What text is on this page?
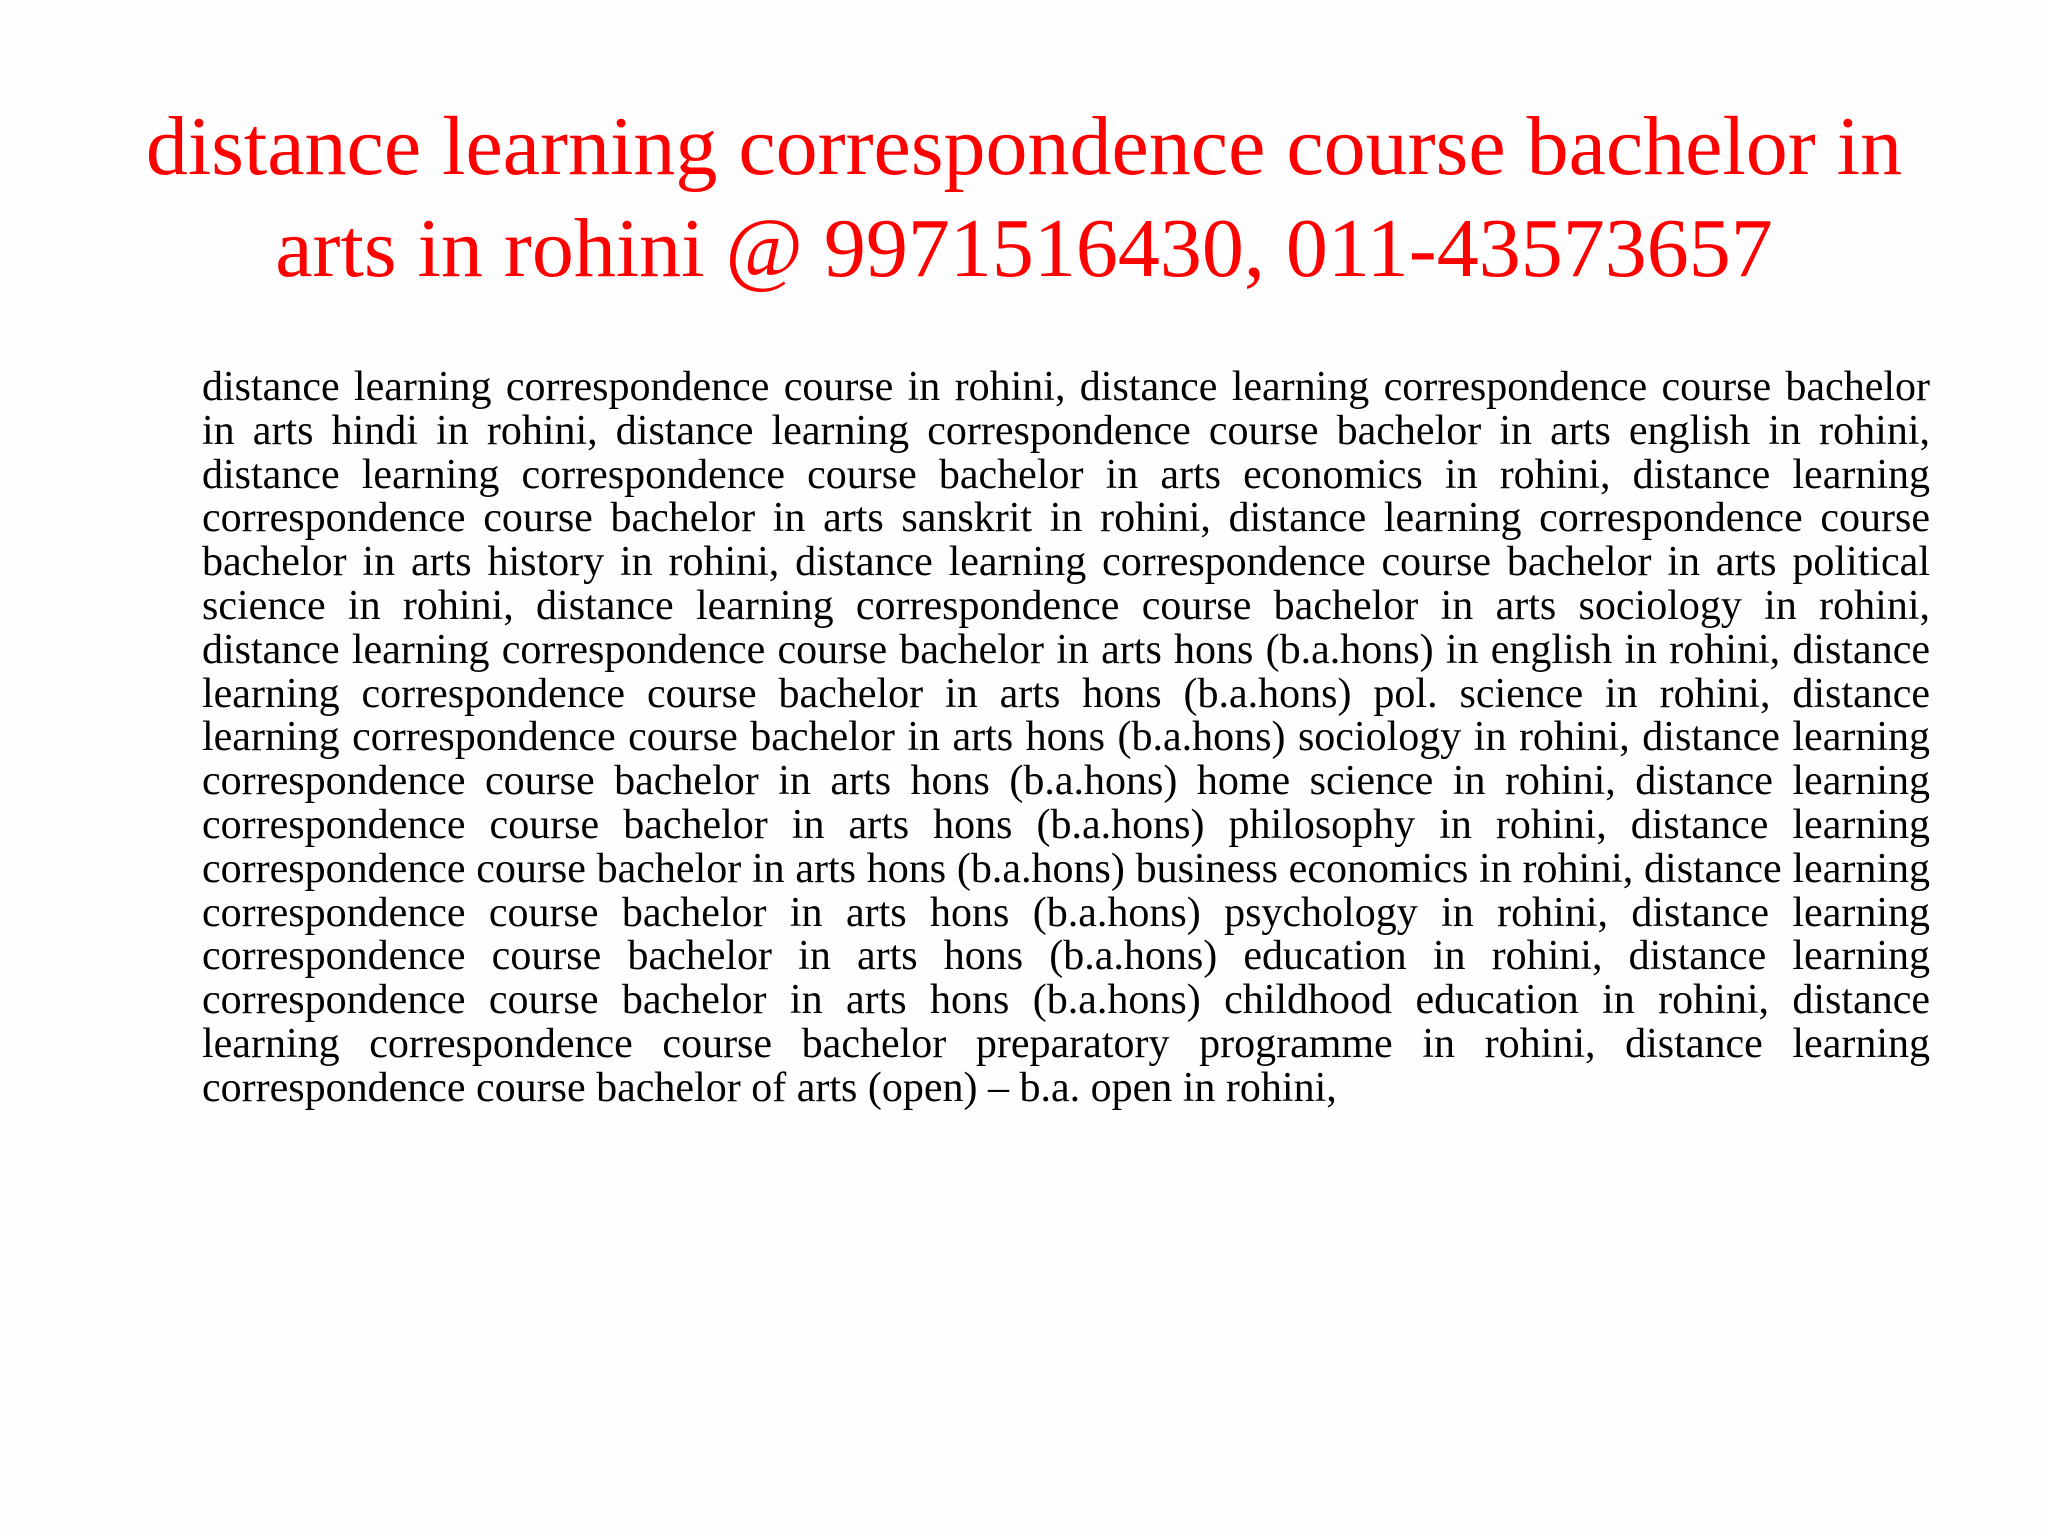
distance learning correspondence course bachelor in arts in rohini @ 9971516430, 011-43573657

distance learning correspondence course in rohini, distance learning correspondence course bachelor in arts hindi in rohini, distance learning correspondence course bachelor in arts english in rohini, distance learning correspondence course bachelor in arts economics in rohini, distance learning correspondence course bachelor in arts sanskrit in rohini, distance learning correspondence course bachelor in arts history in rohini, distance learning correspondence course bachelor in arts political science in rohini, distance learning correspondence course bachelor in arts sociology in rohini, distance learning correspondence course bachelor in arts hons (b.a.hons) in english in rohini, distance learning correspondence course bachelor in arts hons (b.a.hons) pol. science in rohini, distance learning correspondence course bachelor in arts hons (b.a.hons) sociology in rohini, distance learning correspondence course bachelor in arts hons (b.a.hons) home science in rohini, distance learning correspondence course bachelor in arts hons (b.a.hons) philosophy in rohini, distance learning correspondence course bachelor in arts hons (b.a.hons) business economics in rohini, distance learning correspondence course bachelor in arts hons (b.a.hons) psychology in rohini, distance learning correspondence course bachelor in arts hons (b.a.hons) education in rohini, distance learning correspondence course bachelor in arts hons (b.a.hons) childhood education in rohini, distance learning correspondence course bachelor preparatory programme in rohini, distance learning correspondence course bachelor of arts (open) – b.a. open in rohini,
